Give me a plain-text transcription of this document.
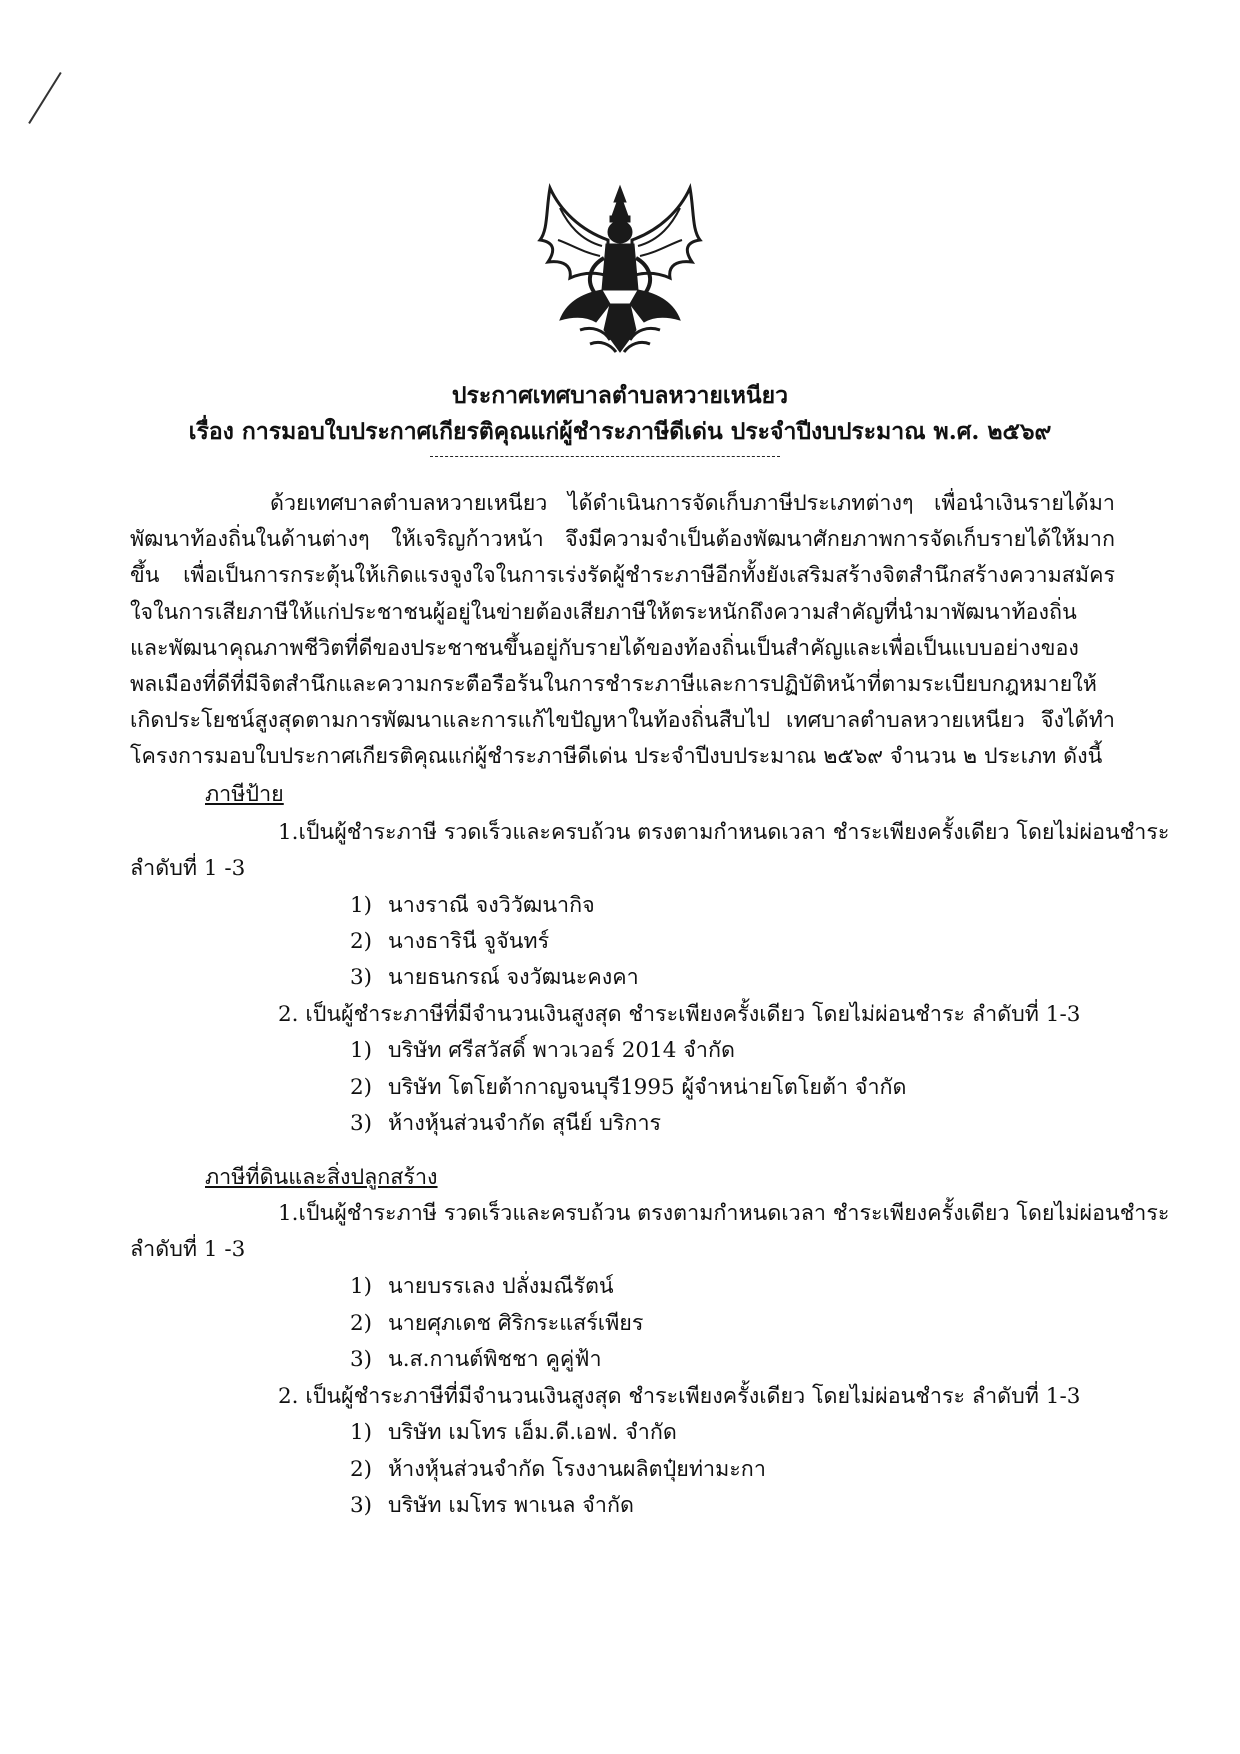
ประกาศเทศบาลตำบลหวายเหนียว
เรื่อง การมอบใบประกาศเกียรติคุณแก่ผู้ชำระภาษีดีเด่น ประจำปีงบประมาณ พ.ศ. ๒๕๖๙
ด้วยเทศบาลตำบลหวายเหนียว ได้ดำเนินการจัดเก็บภาษีประเภทต่างๆ เพื่อนำเงินรายได้มาพัฒนาท้องถิ่นในด้านต่างๆ ให้เจริญก้าวหน้า จึงมีความจำเป็นต้องพัฒนาศักยภาพการจัดเก็บรายได้ให้มากขึ้น เพื่อเป็นการกระตุ้นให้เกิดแรงจูงใจในการเร่งรัดผู้ชำระภาษีอีกทั้งยังเสริมสร้างจิตสำนึกสร้างความสมัครใจในการเสียภาษีให้แก่ประชาชนผู้อยู่ในข่ายต้องเสียภาษีให้ตระหนักถึงความสำคัญที่นำมาพัฒนาท้องถิ่น และพัฒนาคุณภาพชีวิตที่ดีของประชาชนขึ้นอยู่กับรายได้ของท้องถิ่นเป็นสำคัญและเพื่อเป็นแบบอย่างของพลเมืองที่ดีที่มีจิตสำนึกและความกระตือรือร้นในการชำระภาษีและการปฏิบัติหน้าที่ตามระเบียบกฎหมายให้เกิดประโยชน์สูงสุดตามการพัฒนาและการแก้ไขปัญหาในท้องถิ่นสืบไป เทศบาลตำบลหวายเหนียว จึงได้ทำโครงการมอบใบประกาศเกียรติคุณแก่ผู้ชำระภาษีดีเด่น ประจำปีงบประมาณ ๒๕๖๙ จำนวน ๒ ประเภท ดังนี้
ภาษีป้าย
1.เป็นผู้ชำระภาษี รวดเร็วและครบถ้วน ตรงตามกำหนดเวลา ชำระเพียงครั้งเดียว โดยไม่ผ่อนชำระ
ลำดับที่ 1 -3
1) นางราณี จงวิวัฒนากิจ
2) นางธารินี จูจันทร์
3) นายธนกรณ์ จงวัฒนะคงคา
2. เป็นผู้ชำระภาษีที่มีจำนวนเงินสูงสุด ชำระเพียงครั้งเดียว โดยไม่ผ่อนชำระ ลำดับที่ 1-3
1) บริษัท ศรีสวัสดิ์ พาวเวอร์ 2014 จำกัด
2) บริษัท โตโยต้ากาญจนบุรี1995 ผู้จำหน่ายโตโยต้า จำกัด
3) ห้างหุ้นส่วนจำกัด สุนีย์ บริการ
ภาษีที่ดินและสิ่งปลูกสร้าง
1.เป็นผู้ชำระภาษี รวดเร็วและครบถ้วน ตรงตามกำหนดเวลา ชำระเพียงครั้งเดียว โดยไม่ผ่อนชำระ
ลำดับที่ 1 -3
1) นายบรรเลง ปลั่งมณีรัตน์
2) นายศุภเดช ศิริกระแสร์เพียร
3) น.ส.กานต์พิชชา คูคู่ฟ้า
2. เป็นผู้ชำระภาษีที่มีจำนวนเงินสูงสุด ชำระเพียงครั้งเดียว โดยไม่ผ่อนชำระ ลำดับที่ 1-3
1) บริษัท เมโทร เอ็ม.ดี.เอฟ. จำกัด
2) ห้างหุ้นส่วนจำกัด โรงงานผลิตปุ๋ยท่ามะกา
3) บริษัท เมโทร พาเนล จำกัด
